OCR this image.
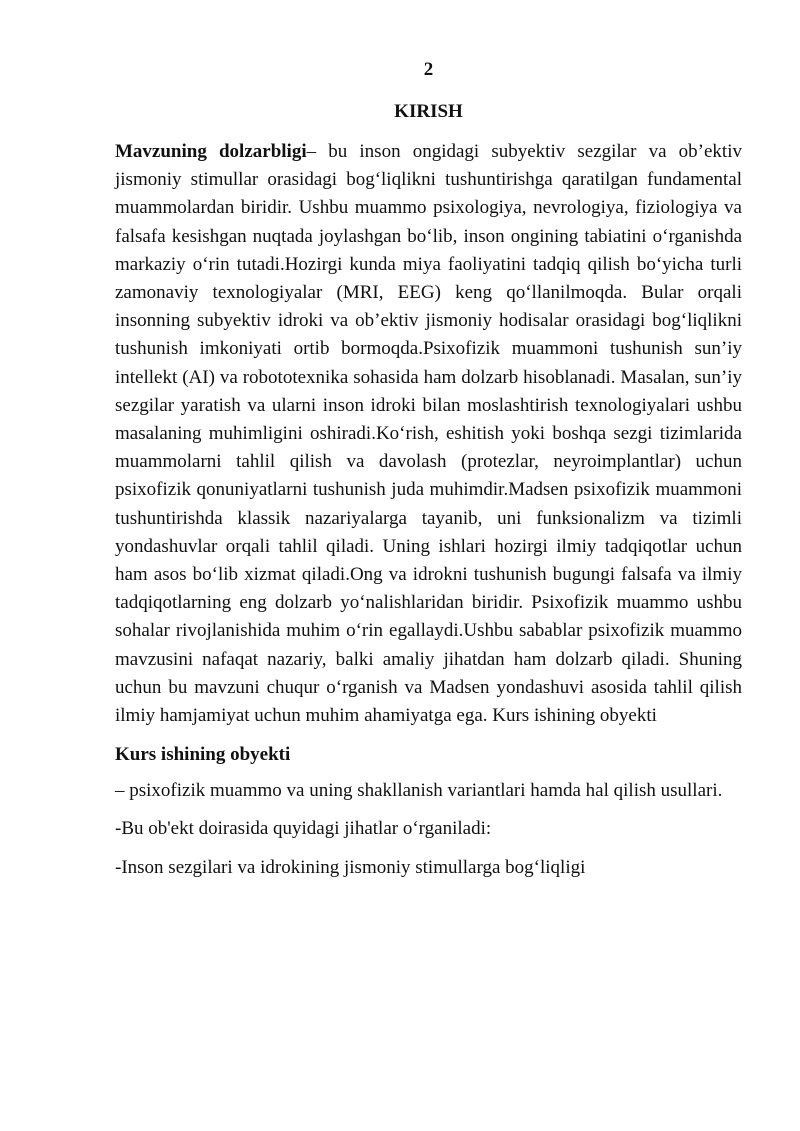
2
KIRISH

Mavzuning dolzarbligi– bu inson ongidagi subyektiv sezgilar va ob’ektiv jismoniy stimullar orasidagi bog‘liqlikni tushuntirishga qaratilgan fundamental muammolardan biridir. Ushbu muammo psixologiya, nevrologiya, fiziologiya va falsafa kesishgan nuqtada joylashgan bo‘lib, inson ongining tabiatini o‘rganishda markaziy o‘rin tutadi.Hozirgi kunda miya faoliyatini tadqiq qilish bo‘yicha turli zamonaviy texnologiyalar (MRI, EEG) keng qo‘llanilmoqda. Bular orqali insonning subyektiv idroki va ob’ektiv jismoniy hodisalar orasidagi bog‘liqlikni tushunish imkoniyati ortib bormoqda.Psixofizik muammoni tushunish sun’iy intellekt (AI) va robototexnika sohasida ham dolzarb hisoblanadi. Masalan, sun’iy sezgilar yaratish va ularni inson idroki bilan moslashtirish texnologiyalari ushbu masalaning muhimligini oshiradi.Ko‘rish, eshitish yoki boshqa sezgi tizimlarida muammolarni tahlil qilish va davolash (protezlar, neyroimplantlar) uchun psixofizik qonuniyatlarni tushunish juda muhimdir.Madsen psixofizik muammoni tushuntirishda klassik nazariyalarga tayanib, uni funksionalizm va tizimli yondashuvlar orqali tahlil qiladi. Uning ishlari hozirgi ilmiy tadqiqotlar uchun ham asos bo‘lib xizmat qiladi.Ong va idrokni tushunish bugungi falsafa va ilmiy tadqiqotlarning eng dolzarb yo‘nalishlaridan biridir. Psixofizik muammo ushbu sohalar rivojlanishida muhim o‘rin egallaydi.Ushbu sabablar psixofizik muammo mavzusini nafaqat nazariy, balki amaliy jihatdan ham dolzarb qiladi. Shuning uchun bu mavzuni chuqur o‘rganish va Madsen yondashuvi asosida tahlil qilish ilmiy hamjamiyat uchun muhim ahamiyatga ega. Kurs ishining obyekti

Kurs ishining obyekti

– psixofizik muammo va uning shakllanish variantlari hamda hal qilish usullari.

-Bu ob'ekt doirasida quyidagi jihatlar o‘rganiladi:

-Inson sezgilari va idrokining jismoniy stimullarga bog‘liqligi
